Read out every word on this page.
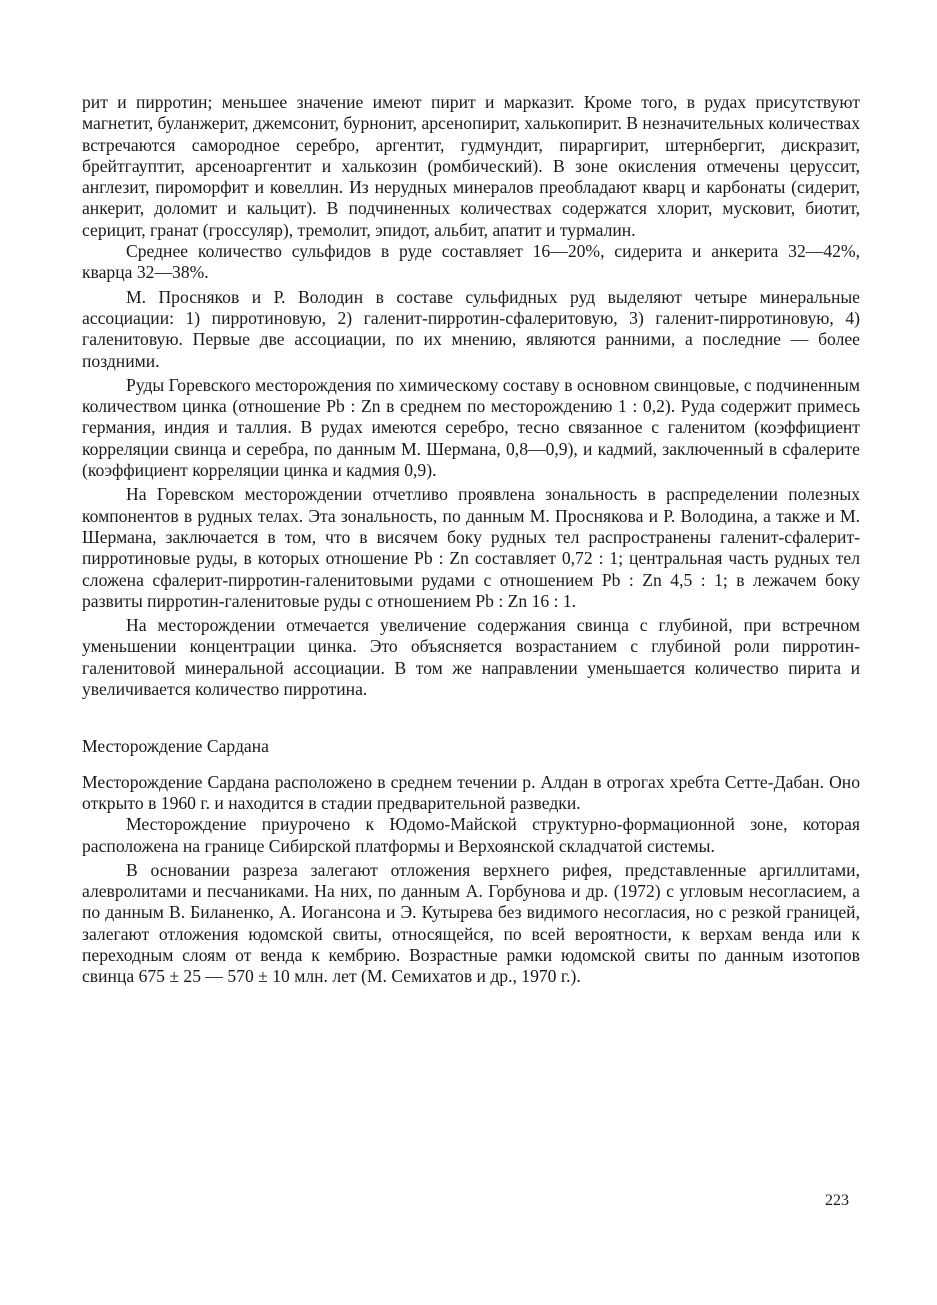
рит и пирротин; меньшее значение имеют пирит и марказит. Кроме того, в рудах присутствуют магнетит, буланжерит, джемсонит, бурнонит, арсенопирит, халькопирит. В незначительных количествах встречаются самородное серебро, аргентит, гудмундит, пираргирит, штернбергит, дискразит, брейтгауптит, арсеноаргентит и халькозин (ромбический). В зоне окисления отмечены церуссит, англезит, пироморфит и ковеллин. Из нерудных минералов преобладают кварц и карбонаты (сидерит, анкерит, доломит и кальцит). В подчиненных количествах содержатся хлорит, мусковит, биотит, серицит, гранат (гроссуляр), тремолит, эпидот, альбит, апатит и турмалин.

Среднее количество сульфидов в руде составляет 16—20%, сидерита и анкерита 32—42%, кварца 32—38%.

М. Просняков и Р. Володин в составе сульфидных руд выделяют четыре минеральные ассоциации: 1) пирротиновую, 2) галенит-пирротин-сфалеритовую, 3) галенит-пирротиновую, 4) галенитовую. Первые две ассоциации, по их мнению, являются ранними, а последние — более поздними.

Руды Горевского месторождения по химическому составу в основном свинцовые, с подчиненным количеством цинка (отношение Pb : Zn в среднем по месторождению 1 : 0,2). Руда содержит примесь германия, индия и таллия. В рудах имеются серебро, тесно связанное с галенитом (коэффициент корреляции свинца и серебра, по данным М. Шермана, 0,8—0,9), и кадмий, заключенный в сфалерите (коэффициент корреляции цинка и кадмия 0,9).

На Горевском месторождении отчетливо проявлена зональность в распределении полезных компонентов в рудных телах. Эта зональность, по данным М. Проснякова и Р. Володина, а также и М. Шермана, заключается в том, что в висячем боку рудных тел распространены галенит-сфалерит-пирротиновые руды, в которых отношение Pb : Zn составляет 0,72 : 1; центральная часть рудных тел сложена сфалерит-пирротин-галенитовыми рудами с отношением Pb : Zn 4,5 : 1; в лежачем боку развиты пирротин-галенитовые руды с отношением Pb : Zn 16 : 1.

На месторождении отмечается увеличение содержания свинца с глубиной, при встречном уменьшении концентрации цинка. Это объясняется возрастанием с глубиной роли пирротин-галенитовой минеральной ассоциации. В том же направлении уменьшается количество пирита и увеличивается количество пирротина.

Месторождение Сардана

Месторождение Сардана расположено в среднем течении р. Алдан в отрогах хребта Сетте-Дабан. Оно открыто в 1960 г. и находится в стадии предварительной разведки.

Месторождение приурочено к Юдомо-Майской структурно-формационной зоне, которая расположена на границе Сибирской платформы и Верхоянской складчатой системы.

В основании разреза залегают отложения верхнего рифея, представленные аргиллитами, алевролитами и песчаниками. На них, по данным А. Горбунова и др. (1972) с угловым несогласием, а по данным В. Биланенко, А. Иогансона и Э. Кутырева без видимого несогласия, но с резкой границей, залегают отложения юдомской свиты, относящейся, по всей вероятности, к верхам венда или к переходным слоям от венда к кембрию. Возрастные рамки юдомской свиты по данным изотопов свинца 675 ± 25 — 570 ± 10 млн. лет (М. Семихатов и др., 1970 г.).

223
